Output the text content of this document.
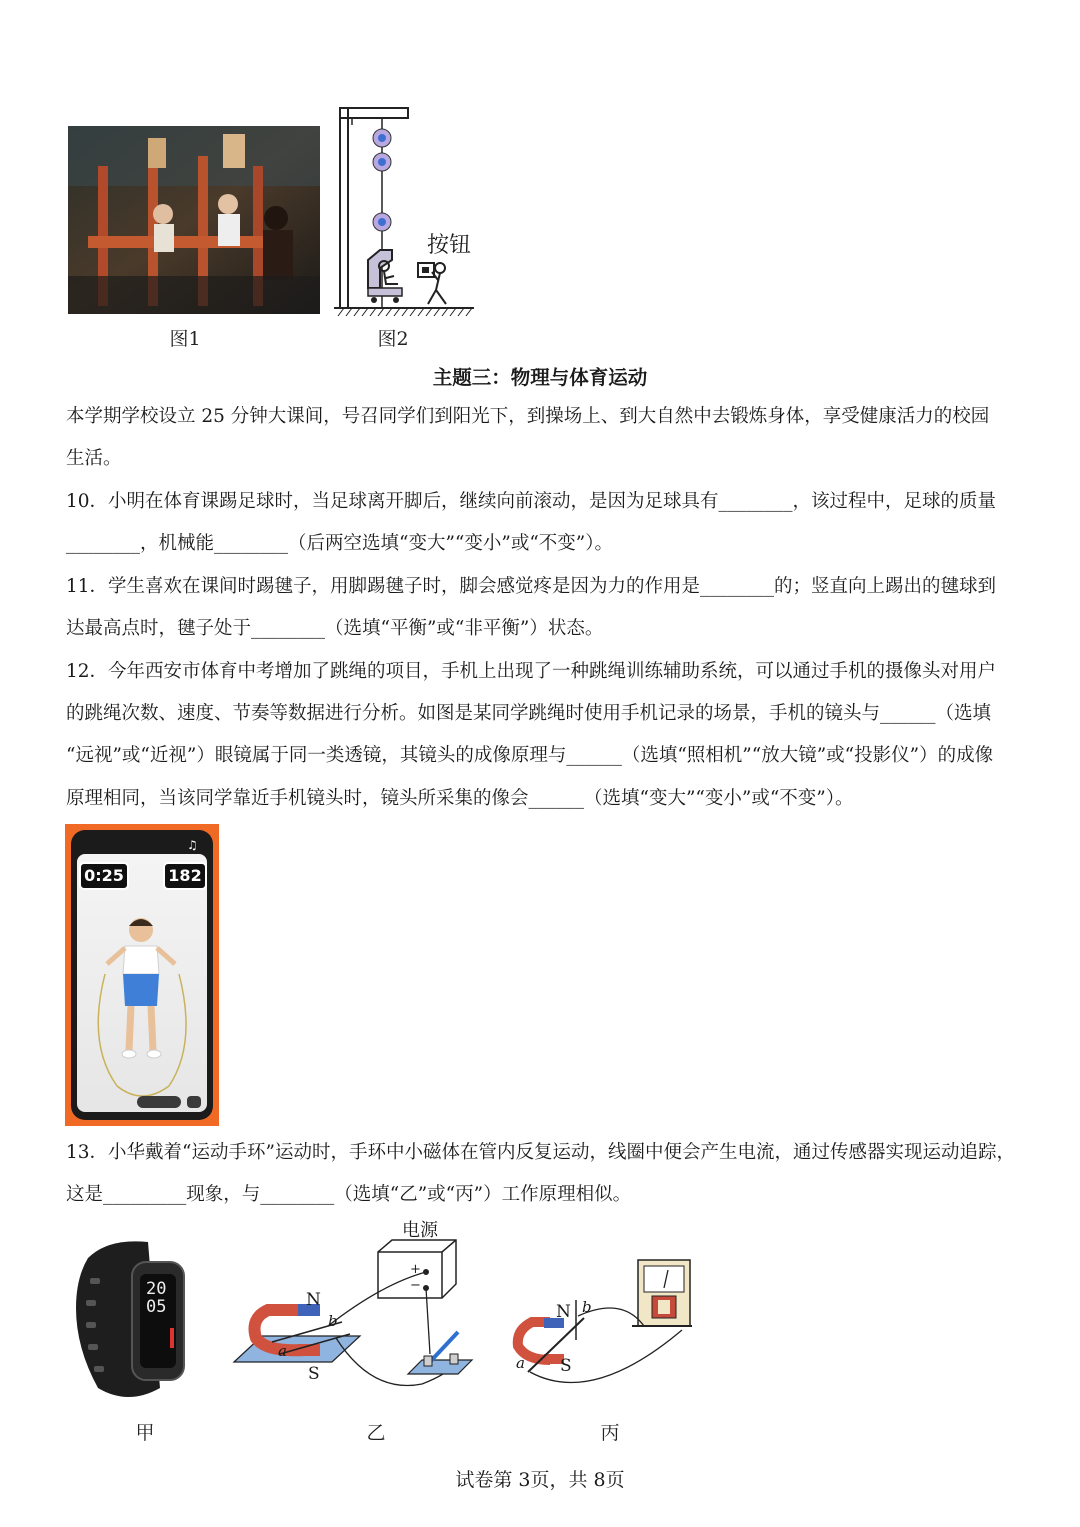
图1
按钮
图2
主题三：物理与体育运动
本学期学校设立 25 分钟大课间，号召同学们到阳光下，到操场上、到大自然中去锻炼身体，享受健康活力的校园
生活。
10．小明在体育课踢足球时，当足球离开脚后，继续向前滚动，是因为足球具有________，该过程中，足球的质量
________，机械能________（后两空选填“变大”“变小”或“不变”）。
11．学生喜欢在课间时踢毽子，用脚踢毽子时，脚会感觉疼是因为力的作用是________的；竖直向上踢出的毽球到
达最高点时，毽子处于________（选填“平衡”或“非平衡”）状态。
12．今年西安市体育中考增加了跳绳的项目，手机上出现了一种跳绳训练辅助系统，可以通过手机的摄像头对用户
的跳绳次数、速度、节奏等数据进行分析。如图是某同学跳绳时使用手机记录的场景，手机的镜头与______（选填
“远视”或“近视”）眼镜属于同一类透镜，其镜头的成像原理与______（选填“照相机”“放大镜”或“投影仪”）的成像
原理相同，当该同学靠近手机镜头时，镜头所采集的像会______（选填“变大”“变小”或“不变”）。
0:25	182
♫
13．小华戴着“运动手环”运动时，手环中小磁体在管内反复运动，线圈中便会产生电流，通过传感器实现运动追踪，
这是_________现象，与________（选填“乙”或“丙”）工作原理相似。
20
05
甲
电源
+
−
N
S
a
b
乙
N b
a S
丙
试卷第 3页，共 8页
